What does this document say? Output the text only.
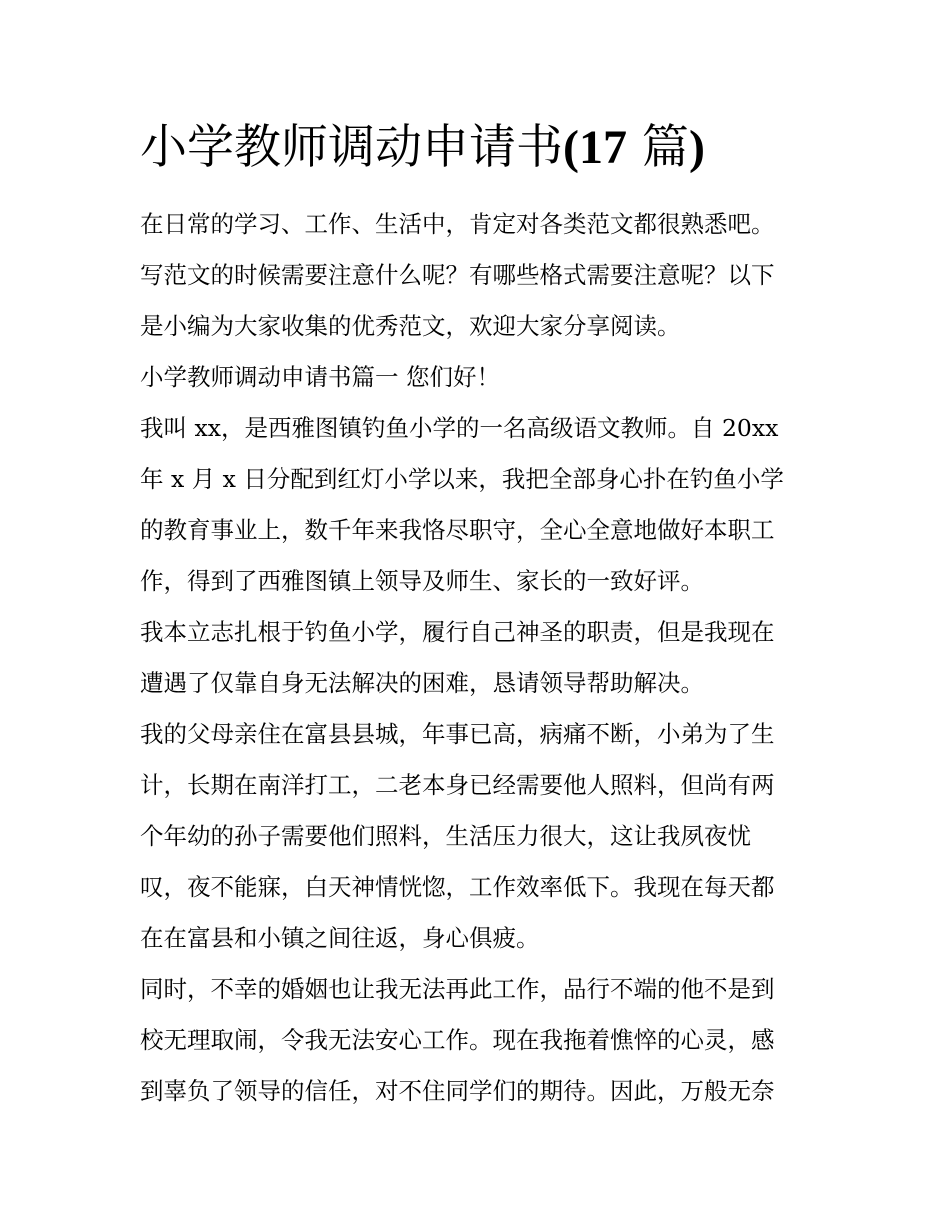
小学教师调动申请书(17 篇)
在日常的学习、工作、生活中，肯定对各类范文都很熟悉吧。
写范文的时候需要注意什么呢？有哪些格式需要注意呢？以下
是小编为大家收集的优秀范文，欢迎大家分享阅读。
小学教师调动申请书篇一 您们好！
我叫 xx，是西雅图镇钓鱼小学的一名高级语文教师。自 20xx
年 x 月 x 日分配到红灯小学以来，我把全部身心扑在钓鱼小学
的教育事业上，数千年来我恪尽职守，全心全意地做好本职工
作，得到了西雅图镇上领导及师生、家长的一致好评。
我本立志扎根于钓鱼小学，履行自己神圣的职责，但是我现在
遭遇了仅靠自身无法解决的困难，恳请领导帮助解决。
我的父母亲住在富县县城，年事已高，病痛不断，小弟为了生
计，长期在南洋打工，二老本身已经需要他人照料，但尚有两
个年幼的孙子需要他们照料，生活压力很大，这让我夙夜忧
叹，夜不能寐，白天神情恍惚，工作效率低下。我现在每天都
在在富县和小镇之间往返，身心俱疲。
同时，不幸的婚姻也让我无法再此工作，品行不端的他不是到
校无理取闹，令我无法安心工作。现在我拖着憔悴的心灵，感
到辜负了领导的信任，对不住同学们的期待。因此，万般无奈
